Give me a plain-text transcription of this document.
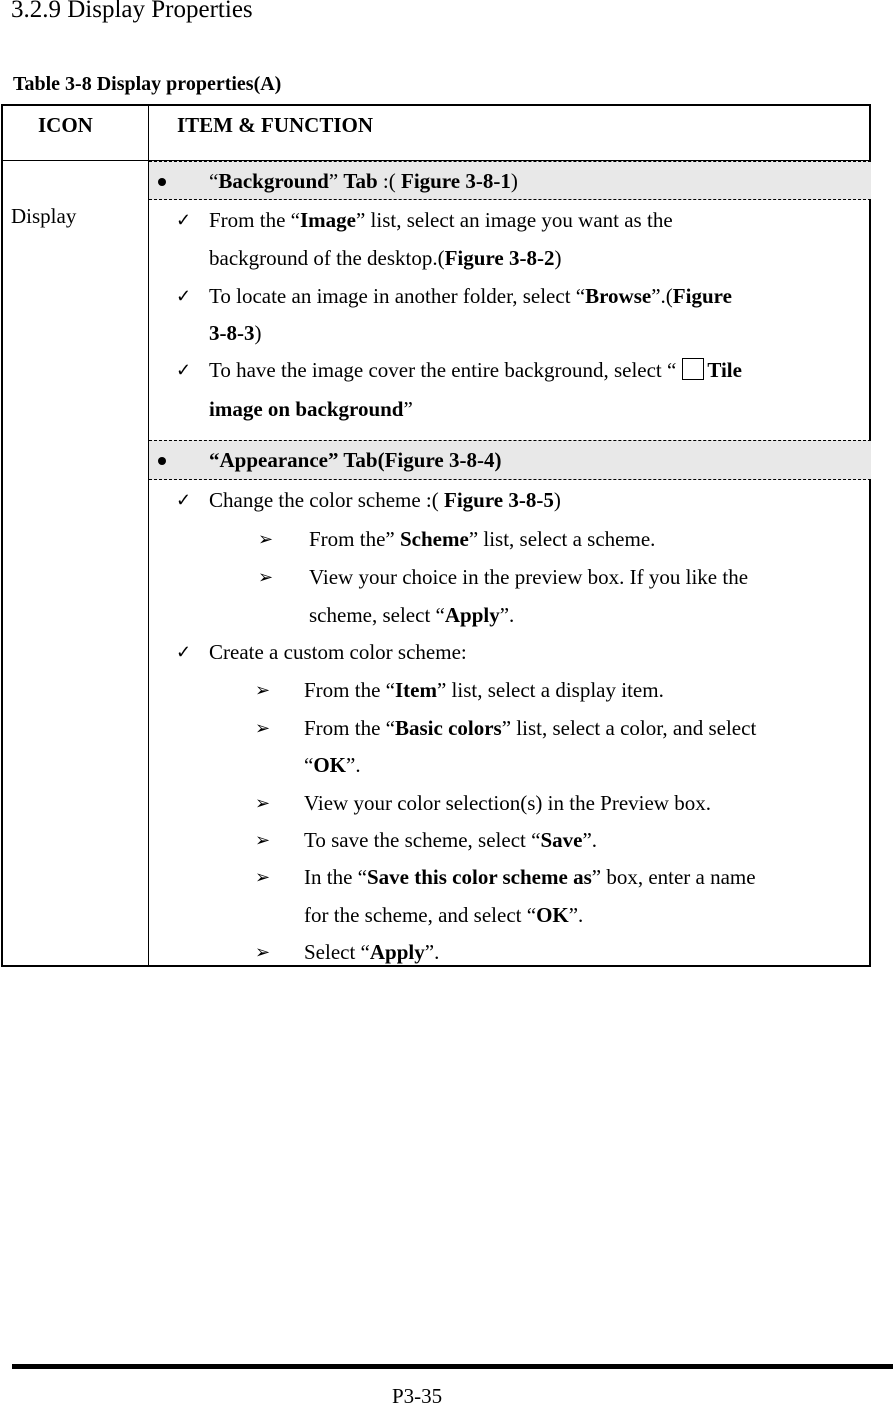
3.2.9 Display Properties
Table 3-8 Display properties(A)
ICON	ITEM & FUNCTION
Display
“Background” Tab :( Figure 3-8-1)
✓ From the “Image” list, select an image you want as the
background of the desktop.(Figure 3-8-2)
✓ To locate an image in another folder, select “Browse”.(Figure
3-8-3)
✓ To have the image cover the entire background, select “ Tile
image on background”
“Appearance” Tab(Figure 3-8-4)
✓ Change the color scheme :( Figure 3-8-5)
➢ From the” Scheme” list, select a scheme.
➢ View your choice in the preview box. If you like the
scheme, select “Apply”.
✓ Create a custom color scheme:
➢ From the “Item” list, select a display item.
➢ From the “Basic colors” list, select a color, and select
“OK”.
➢ View your color selection(s) in the Preview box.
➢ To save the scheme, select “Save”.
➢ In the “Save this color scheme as” box, enter a name
for the scheme, and select “OK”.
➢ Select “Apply”.
P3-35
